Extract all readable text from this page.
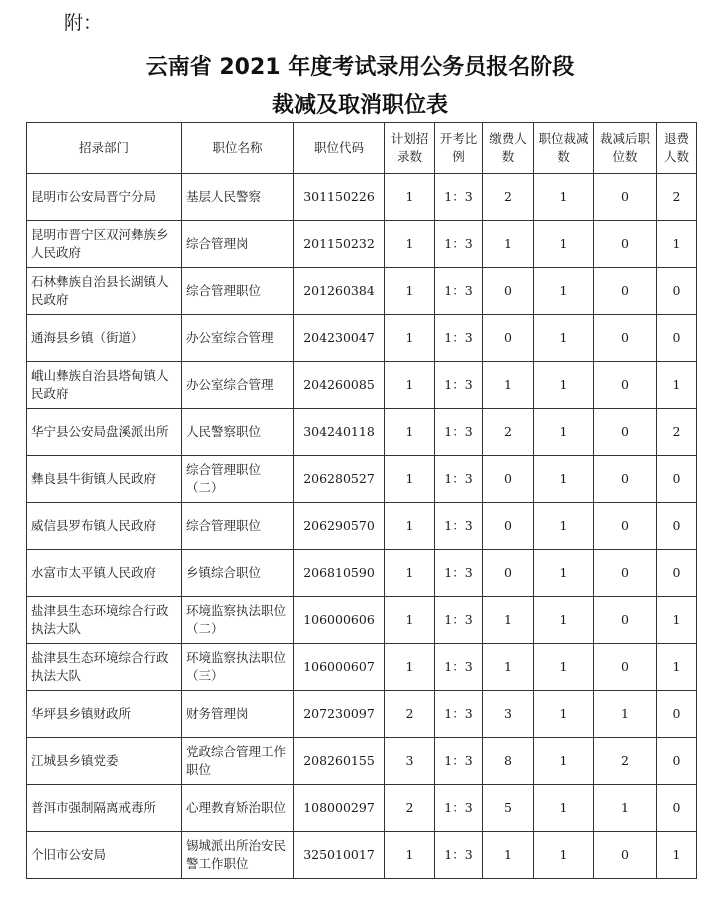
附：
云南省 2021 年度考试录用公务员报名阶段
裁减及取消职位表
招录部门	职位名称	职位代码	计划招录数	开考比例	缴费人数	职位裁减数	裁减后职位数	退费人数
昆明市公安局晋宁分局	基层人民警察	301150226	1	1：3	2	1	0	2
昆明市晋宁区双河彝族乡人民政府	综合管理岗	201150232	1	1：3	1	1	0	1
石林彝族自治县长湖镇人民政府	综合管理职位	201260384	1	1：3	0	1	0	0
通海县乡镇（街道）	办公室综合管理	204230047	1	1：3	0	1	0	0
峨山彝族自治县塔甸镇人民政府	办公室综合管理	204260085	1	1：3	1	1	0	1
华宁县公安局盘溪派出所	人民警察职位	304240118	1	1：3	2	1	0	2
彝良县牛街镇人民政府	综合管理职位（二）	206280527	1	1：3	0	1	0	0
威信县罗布镇人民政府	综合管理职位	206290570	1	1：3	0	1	0	0
水富市太平镇人民政府	乡镇综合职位	206810590	1	1：3	0	1	0	0
盐津县生态环境综合行政执法大队	环境监察执法职位（二）	106000606	1	1：3	1	1	0	1
盐津县生态环境综合行政执法大队	环境监察执法职位（三）	106000607	1	1：3	1	1	0	1
华坪县乡镇财政所	财务管理岗	207230097	2	1：3	3	1	1	0
江城县乡镇党委	党政综合管理工作职位	208260155	3	1：3	8	1	2	0
普洱市强制隔离戒毒所	心理教育矫治职位	108000297	2	1：3	5	1	1	0
个旧市公安局	锡城派出所治安民警工作职位	325010017	1	1：3	1	1	0	1
